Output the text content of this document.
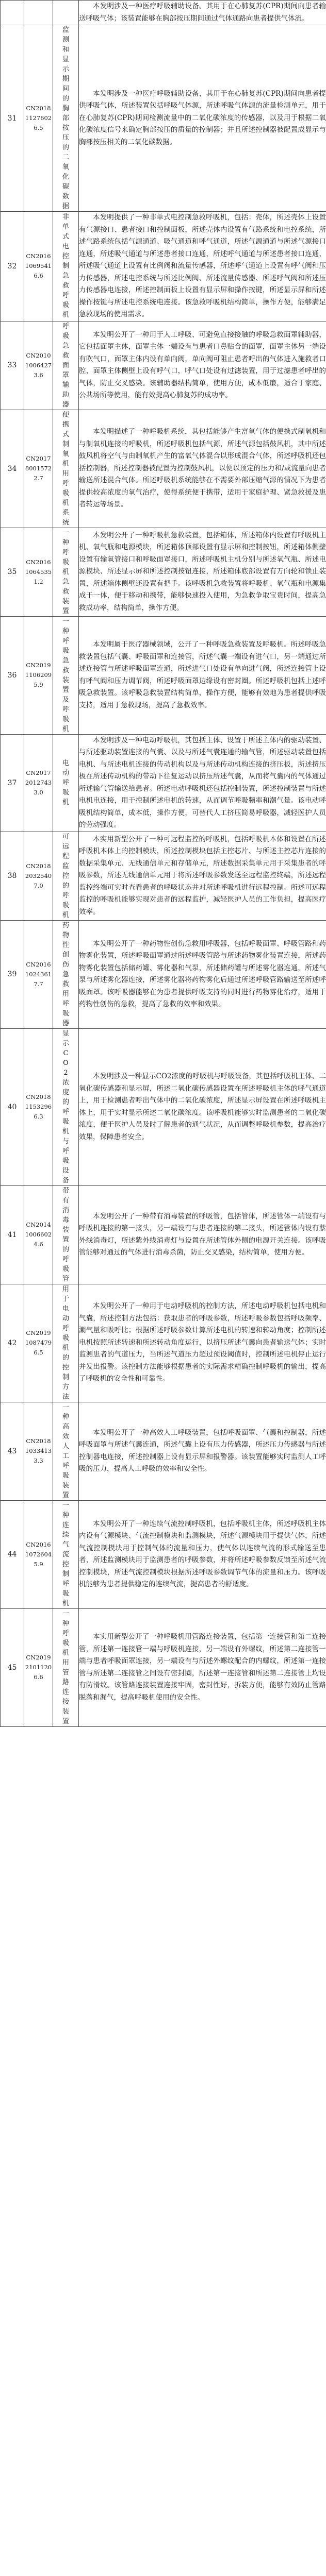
			本发明涉及一种医疗呼吸辅助设备。其用于在心肺复苏(CPR)期间向患者输送呼吸气体；该装置能够在胸部按压期间通过气体通路向患者提供气体流。
31	CN201811276026.5	监测和显示期间的胸部按压的二氧化碳数据	本发明涉及一种医疗呼吸辅助设备，其用于在心肺复苏(CPR)期间向患者提供呼吸气体，所述装置包括呼吸气体源，所述呼吸气体源的流量检测单元，用于在心肺复苏(CPR)期间检测流量中的二氧化碳浓度的传感器，以及用于根据二氧化碳浓度信号来确定胸部按压的质量的控制器；并且所述控制器被配置成显示与胸部按压相关的二氧化碳数据。
32	CN201610695416.6	非单式电控制急救呼吸机	本发明提供了一种非单式电控制急救呼吸机，包括：壳体，所述壳体上设置有气源接口、患者接口和控制面板，所述壳体内设置有气路系统和电控系统，所述气路系统包括气源通道、吸气通道和呼气通道，所述气源通道与所述气源接口连通，所述吸气通道与所述患者接口连通，所述呼气通道与所述患者接口连通，所述吸气通道上设置有比例阀和流量传感器，所述呼气通道上设置有呼气阀和压力传感器，所述电控系统与所述比例阀、所述流量传感器、所述呼气阀和所述压力传感器电连接，所述控制面板上设置有显示屏和操作按键，所述显示屏和所述操作按键与所述电控系统电连接。该急救呼吸机结构简单，操作方便，能够满足急救现场的使用需求。
33	CN201010064273.6	呼吸急救面罩辅助器	本发明公开了一种用于人工呼吸、可避免直接接触的呼吸急救面罩辅助器，它包括面罩主体，面罩主体一端设有与患者口鼻贴合的面罩，面罩主体另一端设有吹气口，面罩主体内设有单向阀，单向阀可阻止患者呼出的气体进入施救者口腔，面罩主体侧壁上设有呼气口，呼气口处设有过滤装置，用于过滤患者呼出的气体，防止交叉感染。该辅助器结构简单，使用方便，成本低廉，适合于家庭、公共场所等使用，能有效提高心肺复苏的成功率。
34	CN201780015722.7	便携式制氧机用呼吸机系统	本发明描述了一种呼吸机系统，其包括能够产生富氧气体的便携式制氧机和与制氧机连接的呼吸机，所述呼吸机包括气源，所述气源包括鼓风机，其中所述鼓风机将空气与由制氧机产生的富氧气体混合以形成混合气体，所述呼吸机还包括控制器，所述控制器被配置为控制鼓风机，以便以预定的压力和/或流量向患者输送所述混合气体。所述呼吸机系统能够在不需要外部压缩气源的情况下为患者提供较高浓度的氧气治疗，使得系统便于携带，适用于家庭护理、紧急救援及患者转运等场景。
35	CN201610645351.2	一种呼吸机急救装置	本发明公开了一种呼吸机急救装置，包括箱体，所述箱体内设置有呼吸机主机、氧气瓶和电源模块，所述箱体顶部设置有显示屏和控制按钮，所述箱体侧壁设置有输氧管接口和呼吸面罩接口，所述呼吸机主机分别与所述氧气瓶、所述电源模块、所述显示屏和所述控制按钮连接，所述箱体底部设置有万向轮和锁止装置，所述箱体侧壁还设置有把手。该呼吸机急救装置将呼吸机、氧气瓶和电源集成于一体，便于移动和携带，能够快速投入使用，为急救争取宝贵时间，提高急救成功率，结构简单，操作方便。
36	CN201911062095.9	一种呼吸急救装置及呼吸机	本发明属于医疗器械领域，公开了一种呼吸急救装置及呼吸机。所述呼吸急救装置包括气囊、呼吸面罩和连接管，所述气囊一端设有进气口，另一端通过所述连接管与所述呼吸面罩连通，所述进气口处设有单向进气阀，所述连接管上设有呼气阀和压力调节阀，所述呼吸面罩边缘设有密封圈。所述呼吸机包括上述呼吸急救装置。该呼吸急救装置结构简单，操作方便，能够有效地为患者提供呼吸支持，适用于急救现场，提高了急救效率。
37	CN201720127433.0	电动呼吸机	本发明涉及一种电动呼吸机，其包括主体、设置于所述主体内的驱动装置、与所述驱动装置连接的气囊、以及与所述气囊连通的输气管，所述驱动装置包括电机、与所述电机连接的传动机构以及与所述传动机构连接的挤压板，所述挤压板在所述传动机构的带动下往复运动以挤压所述气囊，从而将气囊内的气体通过所述输气管输送给患者。所述电动呼吸机还包括控制装置，所述控制装置与所述电机电连接，用于控制所述电机的转速，从而调节呼吸频率和潮气量。该电动呼吸机结构简单，成本低，操作方便，可替代人工挤压简易呼吸器，减轻医护人员的劳动强度。
38	CN201820325407.0	可远程监控的呼吸机	本实用新型公开了一种可远程监控的呼吸机，包括呼吸机本体和设置在所述呼吸机本体上的控制模块，所述控制模块包括主控芯片、与所述主控芯片连接的数据采集单元、无线通信单元和存储单元，所述数据采集单元用于采集患者的呼吸参数，所述无线通信单元用于将所述呼吸参数发送至远程监控终端，所述远程监控终端可实时查看患者的呼吸状态并对所述呼吸机进行远程控制。所述可远程监控的呼吸机能够实现对患者的远程监护，减轻医护人员的工作负担，提高医疗效率。
39	CN201610243617.7	药物性创伤急救用呼吸器	本发明公开了一种药物性创伤急救用呼吸器，包括呼吸面罩、呼吸管路和药物雾化装置，所述呼吸面罩通过所述呼吸管路与所述药物雾化装置连接，所述药物雾化装置包括储药罐、雾化器和气泵，所述储药罐与所述雾化器连通，所述气泵与所述雾化器连接，所述雾化器将药物雾化后通过所述呼吸管路输送至所述呼吸面罩。该呼吸器能够在为患者提供呼吸支持的同时进行药物雾化治疗，适用于药物性创伤的急救，提高了急救的效率和效果。
40	CN201811532966.3	显示CO2浓度的呼吸机与呼吸设备	本发明涉及一种显示CO2浓度的呼吸机与呼吸设备，其包括呼吸机主体、二氧化碳传感器和显示屏，所述二氧化碳传感器设置在所述呼吸机主体的呼气通道上，用于检测患者呼出气体中的二氧化碳浓度，所述显示屏设置在所述呼吸机主体上，用于实时显示所述二氧化碳浓度。该呼吸机能够实时监测患者的二氧化碳浓度，便于医护人员及时了解患者的通气状况，从而调整呼吸机参数，提高治疗效果，保障患者安全。
41	CN201410066024.6	带有消毒装置的呼吸管	本发明公开了一种带有消毒装置的呼吸管，包括管体，所述管体一端设有与呼吸机连接的第一接头，另一端设有与患者连接的第二接头，所述管体内设有紫外线消毒灯，所述紫外线消毒灯与设置在所述管体外侧的电源开关连接。该呼吸管能够对通过的气体进行消毒杀菌，防止交叉感染，结构简单，使用方便。
42	CN201910874796.5	用于电动呼吸机的控制方法	本发明公开了一种用于电动呼吸机的控制方法，所述电动呼吸机包括电机和气囊，所述控制方法包括：获取患者的呼吸参数，所述呼吸参数包括呼吸频率、潮气量和吸呼比；根据所述呼吸参数计算所述电机的转速和转动角度；控制所述电机按照所述转速和所述转动角度运行，以挤压所述气囊向患者输送气体；实时监测患者的气道压力，当所述气道压力超过预设阈值时，控制所述电机停止运行并发出报警。该控制方法能够根据患者的实际需求精确控制呼吸机的输出，提高了呼吸机的安全性和可靠性。
43	CN201810334133.3	一种高效人工呼吸装置	本发明公开了一种高效人工呼吸装置，包括呼吸面罩、气囊和控制器，所述呼吸面罩与所述气囊连通，所述气囊上设有压力传感器，所述压力传感器与所述控制器电连接，所述控制器上设有显示屏和报警器。该装置能够实时监测人工呼吸的压力，提高人工呼吸的效率和安全性。
44	CN201610726045.9	一种连续气流控制呼吸机	本发明公开了一种连续气流控制呼吸机，包括呼吸机主体，所述呼吸机主体内设有气源模块、气流控制模块和监测模块，所述气源模块用于提供气体，所述气流控制模块用于控制气体的流量和压力，使气体以连续气流的形式输送至患者，所述监测模块用于监测患者的呼吸参数，并将所述呼吸参数反馈至所述气流控制模块，所述气流控制模块根据所述呼吸参数调节气体的流量和压力。该呼吸机能够为患者提供稳定的连续气流，提高患者的舒适度。
45	CN201921011206.6	一种呼吸机用管路连接装置	本实用新型公开了一种呼吸机用管路连接装置，包括第一连接管和第二连接管，所述第一连接管一端与呼吸机连接，另一端设有外螺纹，所述第二连接管一端与患者呼吸面罩连接，另一端设有与所述外螺纹配合的内螺纹，所述第一连接管与所述第二连接管之间设有密封圈，所述第一连接管和所述第二连接管上均设有防滑纹。该管路连接装置连接牢固，密封性好，拆装方便，能够有效防止管路脱落和漏气，提高呼吸机使用的安全性。
